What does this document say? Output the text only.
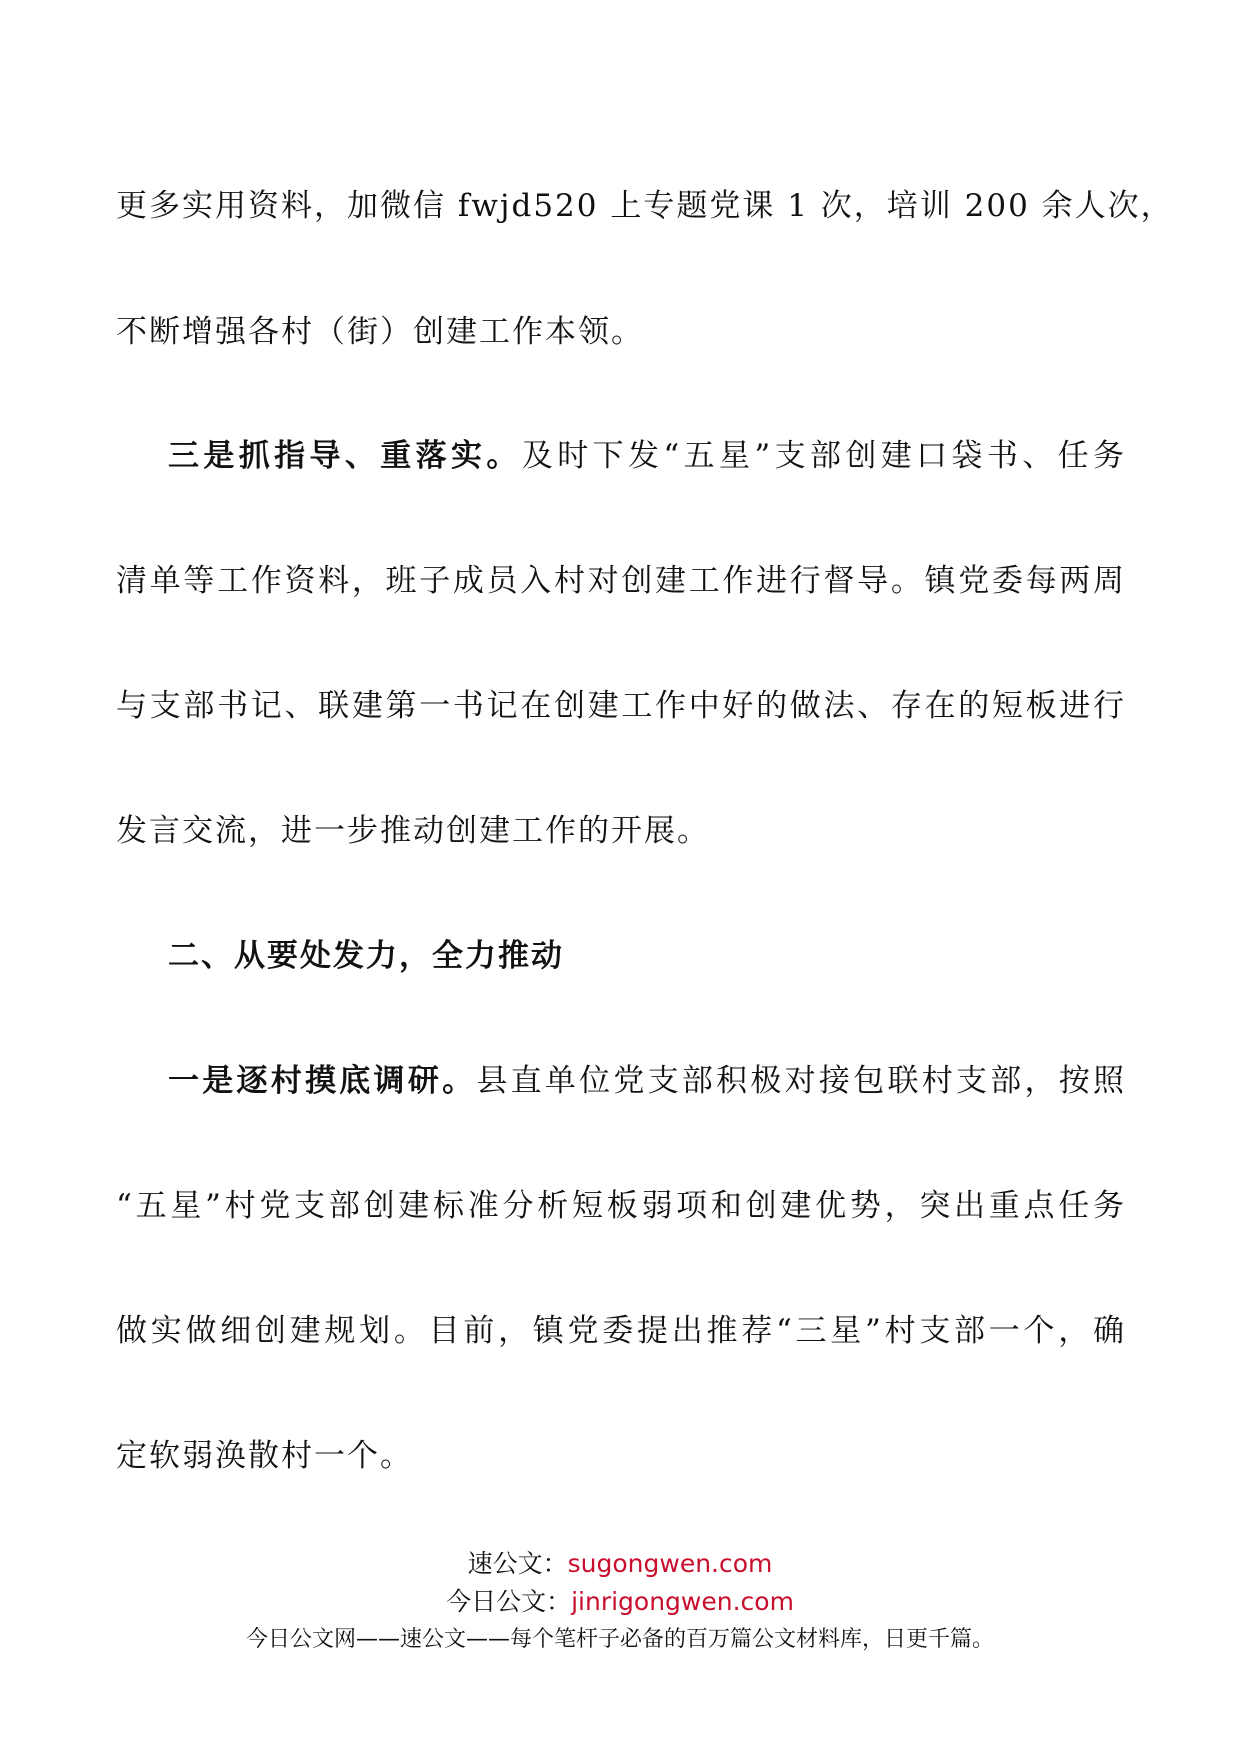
更多实用资料，加微信 fwjd520 上专题党课 1 次，培训 200 余人次，
不断增强各村（街）创建工作本领。
三是抓指导、重落实。及时下发“五星”支部创建口袋书、任务
清单等工作资料，班子成员入村对创建工作进行督导。镇党委每两周
与支部书记、联建第一书记在创建工作中好的做法、存在的短板进行
发言交流，进一步推动创建工作的开展。
二、从要处发力，全力推动
一是逐村摸底调研。县直单位党支部积极对接包联村支部，按照
“五星”村党支部创建标准分析短板弱项和创建优势，突出重点任务
做实做细创建规划。目前，镇党委提出推荐“三星”村支部一个，确
定软弱涣散村一个。
速公文：sugongwen.com
今日公文：jinrigongwen.com
今日公文网——速公文——每个笔杆子必备的百万篇公文材料库，日更千篇。
